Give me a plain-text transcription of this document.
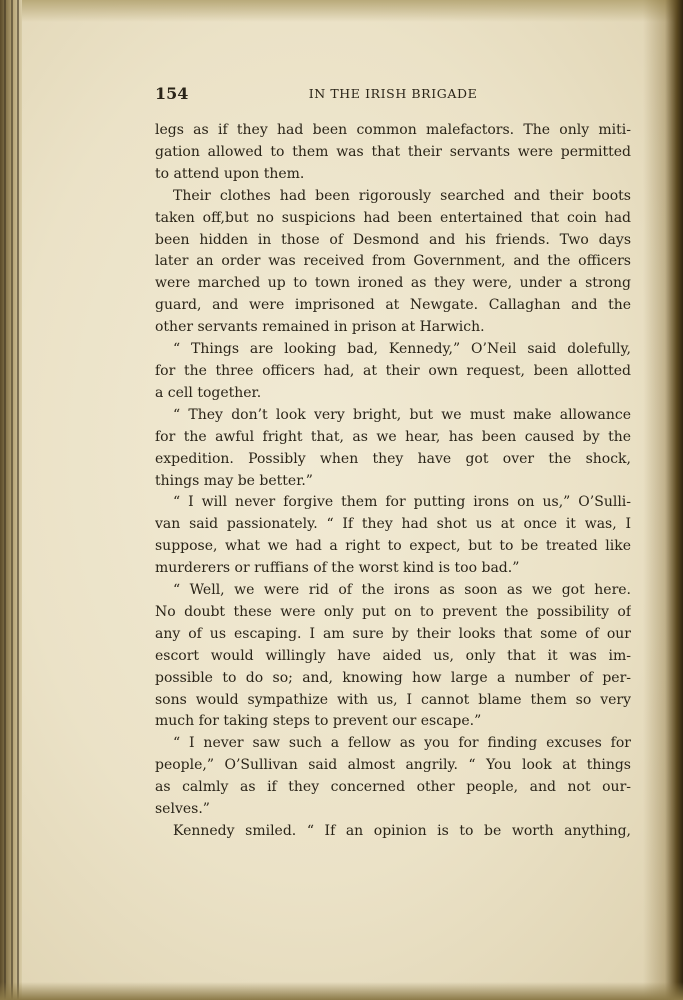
154	IN THE IRISH BRIGADE
legs as if they had been common malefactors. The only miti-
gation allowed to them was that their servants were permitted
to attend upon them.
Their clothes had been rigorously searched and their boots
taken off,but no suspicions had been entertained that coin had
been hidden in those of Desmond and his friends. Two days
later an order was received from Government, and the officers
were marched up to town ironed as they were, under a strong
guard, and were imprisoned at Newgate. Callaghan and the
other servants remained in prison at Harwich.
“ Things are looking bad, Kennedy,” O’Neil said dolefully,
for the three officers had, at their own request, been allotted
a cell together.
“ They don’t look very bright, but we must make allowance
for the awful fright that, as we hear, has been caused by the
expedition. Possibly when they have got over the shock,
things may be better.”
“ I will never forgive them for putting irons on us,” O’Sulli-
van said passionately. “ If they had shot us at once it was, I
suppose, what we had a right to expect, but to be treated like
murderers or ruffians of the worst kind is too bad.”
“ Well, we were rid of the irons as soon as we got here.
No doubt these were only put on to prevent the possibility of
any of us escaping. I am sure by their looks that some of our
escort would willingly have aided us, only that it was im-
possible to do so; and, knowing how large a number of per-
sons would sympathize with us, I cannot blame them so very
much for taking steps to prevent our escape.”
“ I never saw such a fellow as you for finding excuses for
people,” O’Sullivan said almost angrily. “ You look at things
as calmly as if they concerned other people, and not our-
selves.”
Kennedy smiled. “ If an opinion is to be worth anything,
